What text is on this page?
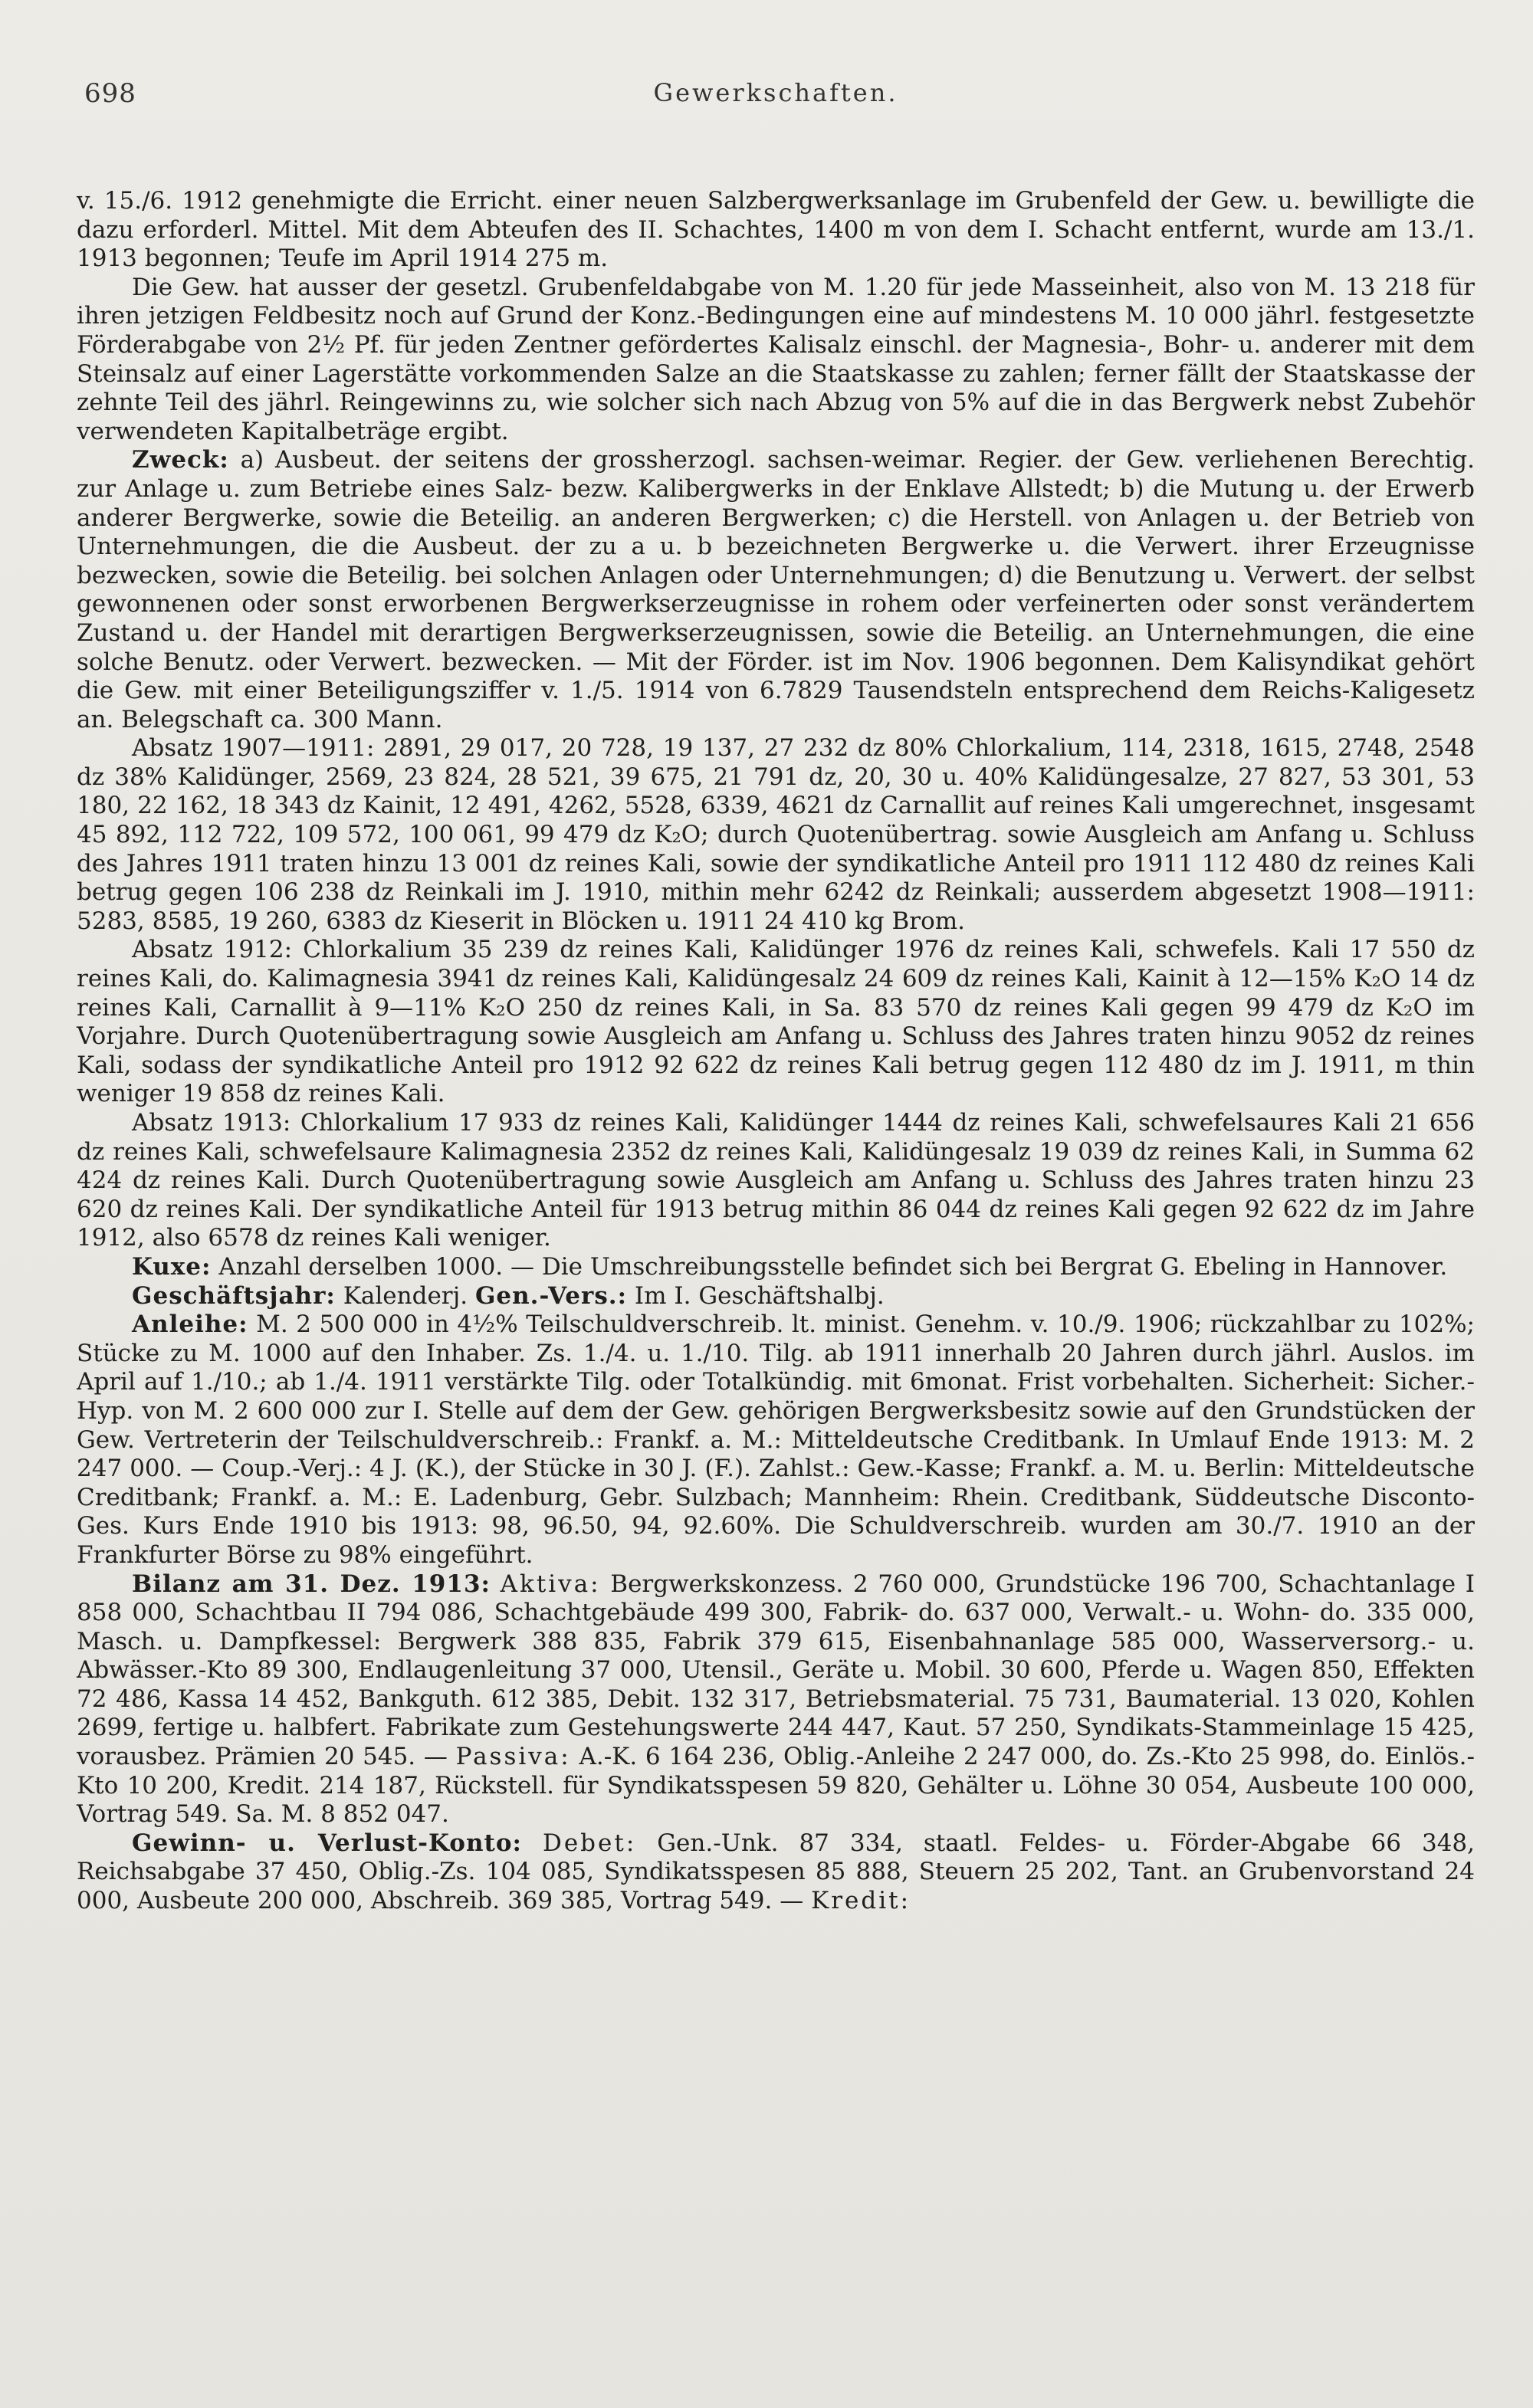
698	Gewerkschaften.

v. 15./6. 1912 genehmigte die Erricht. einer neuen Salzbergwerksanlage im Grubenfeld der Gew. u. bewilligte die dazu erforderl. Mittel. Mit dem Abteufen des II. Schachtes, 1400 m von dem I. Schacht entfernt, wurde am 13./1. 1913 begonnen; Teufe im April 1914 275 m.

Die Gew. hat ausser der gesetzl. Grubenfeldabgabe von M. 1.20 für jede Masseinheit, also von M. 13 218 für ihren jetzigen Feldbesitz noch auf Grund der Konz.-Bedingungen eine auf mindestens M. 10 000 jährl. festgesetzte Förderabgabe von 2½ Pf. für jeden Zentner gefördertes Kalisalz einschl. der Magnesia-, Bohr- u. anderer mit dem Steinsalz auf einer Lagerstätte vorkommenden Salze an die Staatskasse zu zahlen; ferner fällt der Staatskasse der zehnte Teil des jährl. Reingewinns zu, wie solcher sich nach Abzug von 5% auf die in das Bergwerk nebst Zubehör verwendeten Kapitalbeträge ergibt.

Zweck: a) Ausbeut. der seitens der grossherzogl. sachsen-weimar. Regier. der Gew. verliehenen Berechtig. zur Anlage u. zum Betriebe eines Salz- bezw. Kalibergwerks in der Enklave Allstedt; b) die Mutung u. der Erwerb anderer Bergwerke, sowie die Beteilig. an anderen Bergwerken; c) die Herstell. von Anlagen u. der Betrieb von Unternehmungen, die die Ausbeut. der zu a u. b bezeichneten Bergwerke u. die Verwert. ihrer Erzeugnisse bezwecken, sowie die Beteilig. bei solchen Anlagen oder Unternehmungen; d) die Benutzung u. Verwert. der selbst gewonnenen oder sonst erworbenen Bergwerkserzeugnisse in rohem oder verfeinerten oder sonst verändertem Zustand u. der Handel mit derartigen Bergwerkserzeugnissen, sowie die Beteilig. an Unternehmungen, die eine solche Benutz. oder Verwert. bezwecken. — Mit der Förder. ist im Nov. 1906 begonnen. Dem Kalisyndikat gehört die Gew. mit einer Beteiligungsziffer v. 1./5. 1914 von 6.7829 Tausendsteln entsprechend dem Reichs-Kaligesetz an. Belegschaft ca. 300 Mann.

Absatz 1907—1911: 2891, 29 017, 20 728, 19 137, 27 232 dz 80% Chlorkalium, 114, 2318, 1615, 2748, 2548 dz 38% Kalidünger, 2569, 23 824, 28 521, 39 675, 21 791 dz, 20, 30 u. 40% Kalidüngesalze, 27 827, 53 301, 53 180, 22 162, 18 343 dz Kainit, 12 491, 4262, 5528, 6339, 4621 dz Carnallit auf reines Kali umgerechnet, insgesamt 45 892, 112 722, 109 572, 100 061, 99 479 dz K₂O; durch Quotenübertrag. sowie Ausgleich am Anfang u. Schluss des Jahres 1911 traten hinzu 13 001 dz reines Kali, sowie der syndikatliche Anteil pro 1911 112 480 dz reines Kali betrug gegen 106 238 dz Reinkali im J. 1910, mithin mehr 6242 dz Reinkali; ausserdem abgesetzt 1908—1911: 5283, 8585, 19 260, 6383 dz Kieserit in Blöcken u. 1911 24 410 kg Brom.

Absatz 1912: Chlorkalium 35 239 dz reines Kali, Kalidünger 1976 dz reines Kali, schwefels. Kali 17 550 dz reines Kali, do. Kalimagnesia 3941 dz reines Kali, Kalidüngesalz 24 609 dz reines Kali, Kainit à 12—15% K₂O 14 dz reines Kali, Carnallit à 9—11% K₂O 250 dz reines Kali, in Sa. 83 570 dz reines Kali gegen 99 479 dz K₂O im Vorjahre. Durch Quotenübertragung sowie Ausgleich am Anfang u. Schluss des Jahres traten hinzu 9052 dz reines Kali, sodass der syndikatliche Anteil pro 1912 92 622 dz reines Kali betrug gegen 112 480 dz im J. 1911, m thin weniger 19 858 dz reines Kali.

Absatz 1913: Chlorkalium 17 933 dz reines Kali, Kalidünger 1444 dz reines Kali, schwefelsaures Kali 21 656 dz reines Kali, schwefelsaure Kalimagnesia 2352 dz reines Kali, Kalidüngesalz 19 039 dz reines Kali, in Summa 62 424 dz reines Kali. Durch Quotenübertragung sowie Ausgleich am Anfang u. Schluss des Jahres traten hinzu 23 620 dz reines Kali. Der syndikatliche Anteil für 1913 betrug mithin 86 044 dz reines Kali gegen 92 622 dz im Jahre 1912, also 6578 dz reines Kali weniger.

Kuxe: Anzahl derselben 1000. — Die Umschreibungsstelle befindet sich bei Bergrat G. Ebeling in Hannover.

Geschäftsjahr: Kalenderj. Gen.-Vers.: Im I. Geschäftshalbj.

Anleihe: M. 2 500 000 in 4½% Teilschuldverschreib. lt. minist. Genehm. v. 10./9. 1906; rückzahlbar zu 102%; Stücke zu M. 1000 auf den Inhaber. Zs. 1./4. u. 1./10. Tilg. ab 1911 innerhalb 20 Jahren durch jährl. Auslos. im April auf 1./10.; ab 1./4. 1911 verstärkte Tilg. oder Totalkündig. mit 6monat. Frist vorbehalten. Sicherheit: Sicher.-Hyp. von M. 2 600 000 zur I. Stelle auf dem der Gew. gehörigen Bergwerksbesitz sowie auf den Grundstücken der Gew. Vertreterin der Teilschuldverschreib.: Frankf. a. M.: Mitteldeutsche Creditbank. In Umlauf Ende 1913: M. 2 247 000. — Coup.-Verj.: 4 J. (K.), der Stücke in 30 J. (F.). Zahlst.: Gew.-Kasse; Frankf. a. M. u. Berlin: Mitteldeutsche Creditbank; Frankf. a. M.: E. Ladenburg, Gebr. Sulzbach; Mannheim: Rhein. Creditbank, Süddeutsche Disconto-Ges. Kurs Ende 1910 bis 1913: 98, 96.50, 94, 92.60%. Die Schuldverschreib. wurden am 30./7. 1910 an der Frankfurter Börse zu 98% eingeführt.

Bilanz am 31. Dez. 1913: Aktiva: Bergwerkskonzess. 2 760 000, Grundstücke 196 700, Schachtanlage I 858 000, Schachtbau II 794 086, Schachtgebäude 499 300, Fabrik- do. 637 000, Verwalt.- u. Wohn- do. 335 000, Masch. u. Dampfkessel: Bergwerk 388 835, Fabrik 379 615, Eisenbahnanlage 585 000, Wasserversorg.- u. Abwässer.-Kto 89 300, Endlaugenleitung 37 000, Utensil., Geräte u. Mobil. 30 600, Pferde u. Wagen 850, Effekten 72 486, Kassa 14 452, Bankguth. 612 385, Debit. 132 317, Betriebsmaterial. 75 731, Baumaterial. 13 020, Kohlen 2699, fertige u. halbfert. Fabrikate zum Gestehungswerte 244 447, Kaut. 57 250, Syndikats-Stammeinlage 15 425, vorausbez. Prämien 20 545. — Passiva: A.-K. 6 164 236, Oblig.-Anleihe 2 247 000, do. Zs.-Kto 25 998, do. Einlös.-Kto 10 200, Kredit. 214 187, Rückstell. für Syndikatsspesen 59 820, Gehälter u. Löhne 30 054, Ausbeute 100 000, Vortrag 549. Sa. M. 8 852 047.

Gewinn- u. Verlust-Konto: Debet: Gen.-Unk. 87 334, staatl. Feldes- u. Förder-Abgabe 66 348, Reichsabgabe 37 450, Oblig.-Zs. 104 085, Syndikatsspesen 85 888, Steuern 25 202, Tant. an Grubenvorstand 24 000, Ausbeute 200 000, Abschreib. 369 385, Vortrag 549. — Kredit:
